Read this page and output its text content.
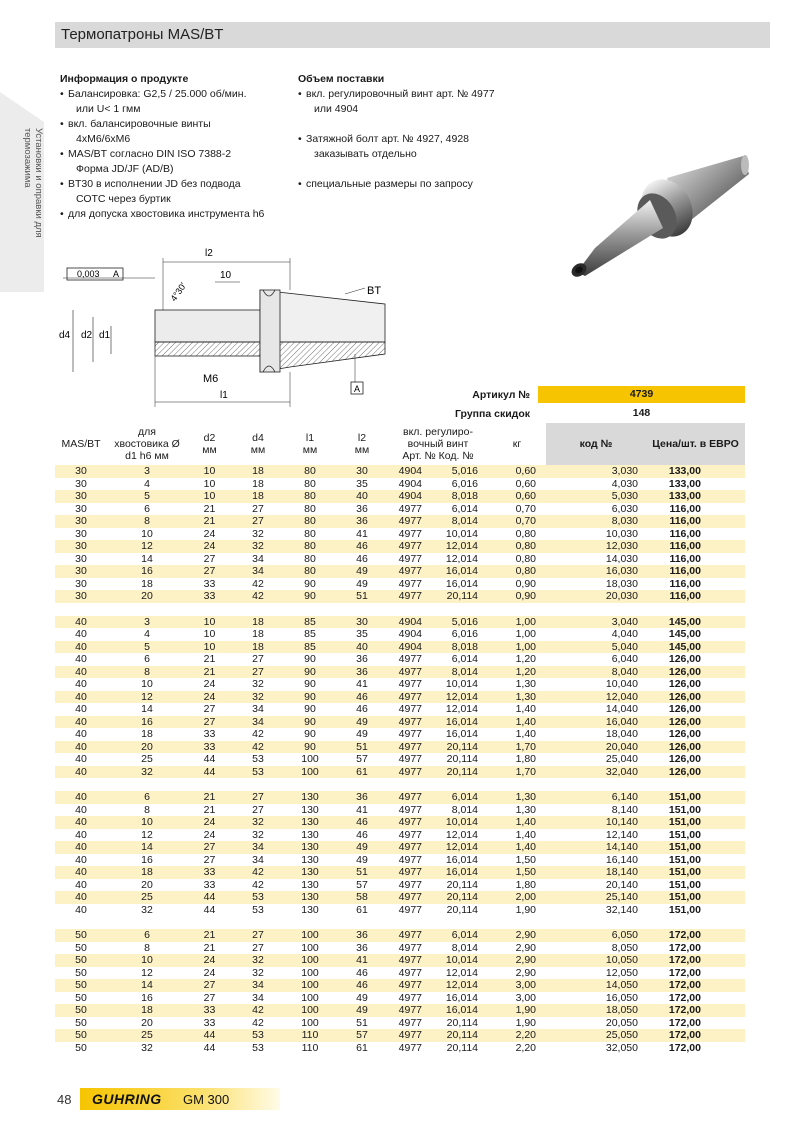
Термопатроны MAS/BT
Установки и оправки для термозажима
Информация о продукте
• Балансировка: G2,5 / 25.000 об/мин.
или U< 1 гмм
• вкл. балансировочные винты
4хМ6/6хМ6
• MAS/BT согласно DIN ISO 7388-2
Форма JD/JF (AD/B)
• BT30 в исполнении JD без подвода
СОТС через буртик
• для допуска хвостовика инструмента h6
Объем поставки
• вкл. регулировочный винт арт. № 4977
или 4904
• Затяжной болт арт. № 4927, 4928
заказывать отдельно
• специальные размеры по запросу
0,003 A
l2
10
4°30'	BT
d4 d2 d1
M6
l1
A	Артикул №	4739
Группа скидок	148
MAS/BT	для
хвостовика Ø
d1 h6 мм	d2
мм	d4
мм	l1
мм	l2
мм	вкл. регулиро-
вочный винт
Арт. № Код. №	кг	код №	Цена/шт. в ЕВРО
30	3	10	18	80	30	4904 5,016	0,60	3,030	133,00
30	4	10	18	80	35	4904 6,016	0,60	4,030	133,00
30	5	10	18	80	40	4904 8,018	0,60	5,030	133,00
30	6	21	27	80	36	4977 6,014	0,70	6,030	116,00
30	8	21	27	80	36	4977 8,014	0,70	8,030	116,00
30	10	24	32	80	41	4977 10,014	0,80	10,030	116,00
30	12	24	32	80	46	4977 12,014	0,80	12,030	116,00
30	14	27	34	80	46	4977 12,014	0,80	14,030	116,00
30	16	27	34	80	49	4977 16,014	0,80	16,030	116,00
30	18	33	42	90	49	4977 16,014	0,90	18,030	116,00
30	20	33	42	90	51	4977 20,114	0,90	20,030	116,00

40	3	10	18	85	30	4904 5,016	1,00	3,040	145,00
40	4	10	18	85	35	4904 6,016	1,00	4,040	145,00
40	5	10	18	85	40	4904 8,018	1,00	5,040	145,00
40	6	21	27	90	36	4977 6,014	1,20	6,040	126,00
40	8	21	27	90	36	4977 8,014	1,20	8,040	126,00
40	10	24	32	90	41	4977 10,014	1,30	10,040	126,00
40	12	24	32	90	46	4977 12,014	1,30	12,040	126,00
40	14	27	34	90	46	4977 12,014	1,40	14,040	126,00
40	16	27	34	90	49	4977 16,014	1,40	16,040	126,00
40	18	33	42	90	49	4977 16,014	1,40	18,040	126,00
40	20	33	42	90	51	4977 20,114	1,70	20,040	126,00
40	25	44	53	100	57	4977 20,114	1,80	25,040	126,00
40	32	44	53	100	61	4977 20,114	1,70	32,040	126,00

40	6	21	27	130	36	4977 6,014	1,30	6,140	151,00
40	8	21	27	130	41	4977 8,014	1,30	8,140	151,00
40	10	24	32	130	46	4977 10,014	1,40	10,140	151,00
40	12	24	32	130	46	4977 12,014	1,40	12,140	151,00
40	14	27	34	130	49	4977 12,014	1,40	14,140	151,00
40	16	27	34	130	49	4977 16,014	1,50	16,140	151,00
40	18	33	42	130	51	4977 16,014	1,50	18,140	151,00
40	20	33	42	130	57	4977 20,114	1,80	20,140	151,00
40	25	44	53	130	58	4977 20,114	2,00	25,140	151,00
40	32	44	53	130	61	4977 20,114	1,90	32,140	151,00

50	6	21	27	100	36	4977 6,014	2,90	6,050	172,00
50	8	21	27	100	36	4977 8,014	2,90	8,050	172,00
50	10	24	32	100	41	4977 10,014	2,90	10,050	172,00
50	12	24	32	100	46	4977 12,014	2,90	12,050	172,00
50	14	27	34	100	46	4977 12,014	3,00	14,050	172,00
50	16	27	34	100	49	4977 16,014	3,00	16,050	172,00
50	18	33	42	100	49	4977 16,014	1,90	18,050	172,00
50	20	33	42	100	51	4977 20,114	1,90	20,050	172,00
50	25	44	53	110	57	4977 20,114	2,20	25,050	172,00
50	32	44	53	110	61	4977 20,114	2,20	32,050	172,00
48 GUHRING GM 300
